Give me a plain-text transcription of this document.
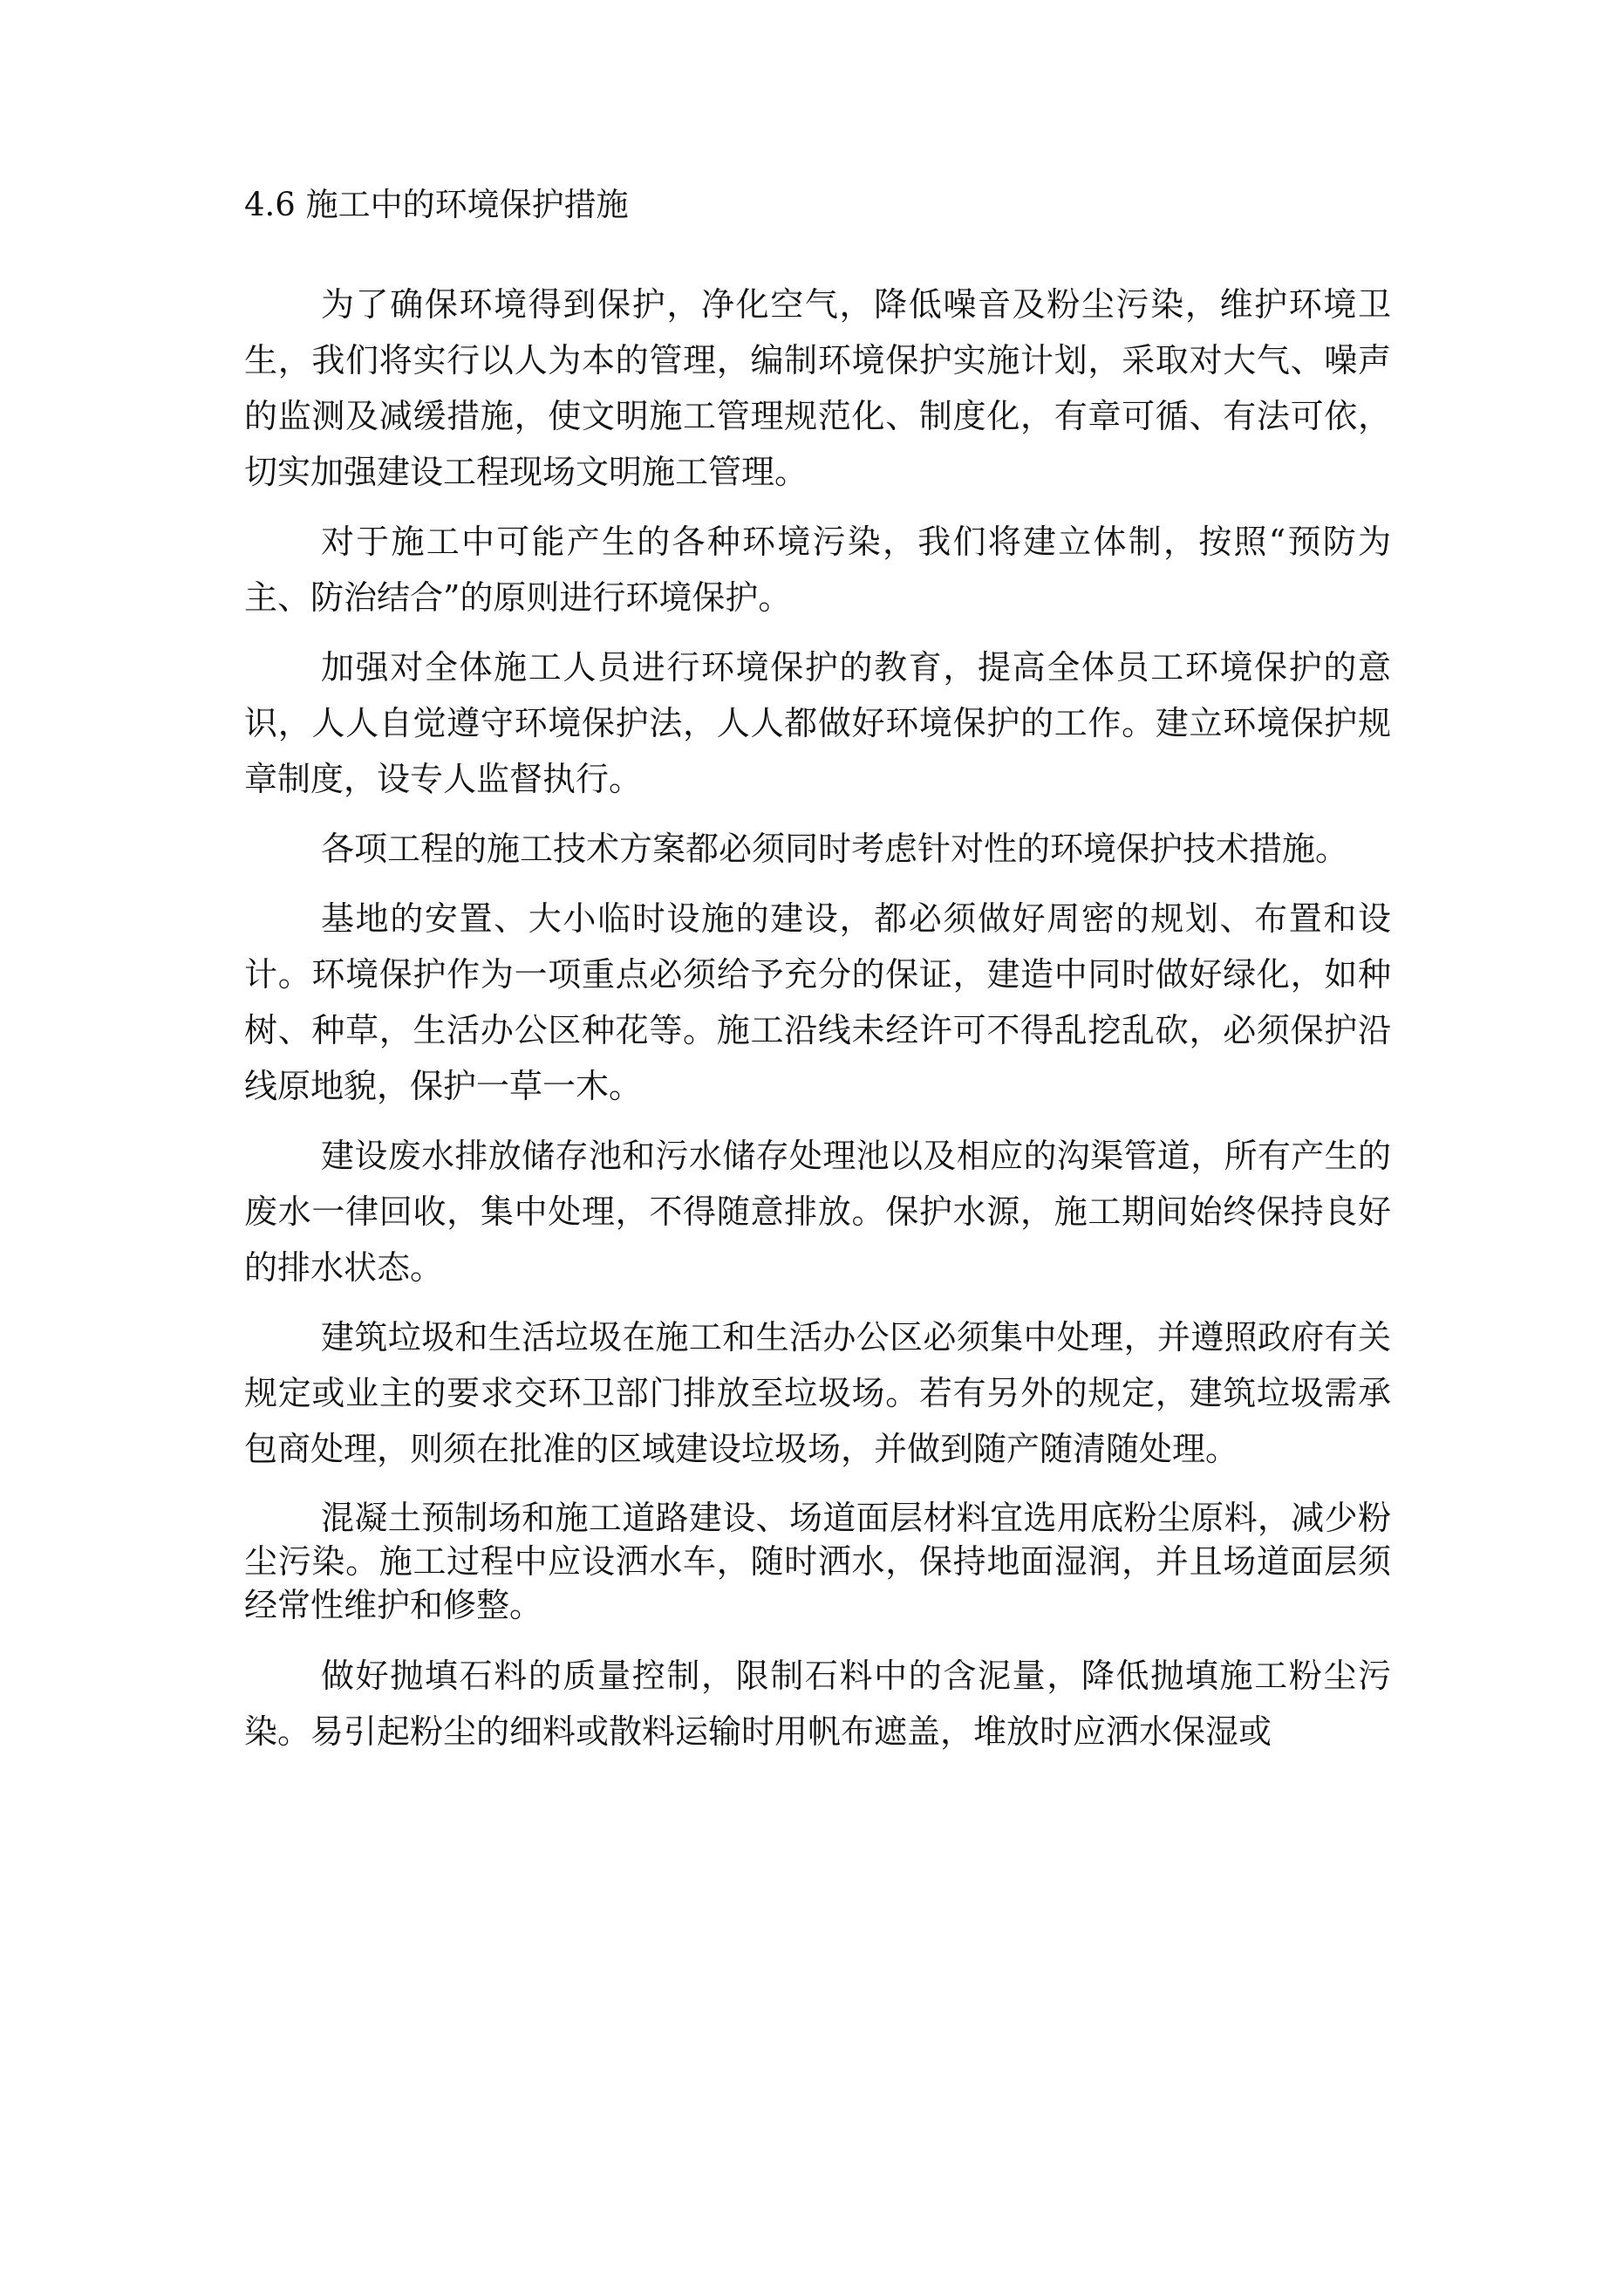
4.6 施工中的环境保护措施

为了确保环境得到保护，净化空气，降低噪音及粉尘污染，维护环境卫生，我们将实行以人为本的管理，编制环境保护实施计划，采取对大气、噪声的监测及减缓措施，使文明施工管理规范化、制度化，有章可循、有法可依，切实加强建设工程现场文明施工管理。

对于施工中可能产生的各种环境污染，我们将建立体制，按照“预防为主、防治结合”的原则进行环境保护。

加强对全体施工人员进行环境保护的教育，提高全体员工环境保护的意识，人人自觉遵守环境保护法，人人都做好环境保护的工作。建立环境保护规章制度，设专人监督执行。

各项工程的施工技术方案都必须同时考虑针对性的环境保护技术措施。

基地的安置、大小临时设施的建设，都必须做好周密的规划、布置和设计。环境保护作为一项重点必须给予充分的保证，建造中同时做好绿化，如种树、种草，生活办公区种花等。施工沿线未经许可不得乱挖乱砍，必须保护沿线原地貌，保护一草一木。

建设废水排放储存池和污水储存处理池以及相应的沟渠管道，所有产生的废水一律回收，集中处理，不得随意排放。保护水源，施工期间始终保持良好的排水状态。

建筑垃圾和生活垃圾在施工和生活办公区必须集中处理，并遵照政府有关规定或业主的要求交环卫部门排放至垃圾场。若有另外的规定，建筑垃圾需承包商处理，则须在批准的区域建设垃圾场，并做到随产随清随处理。

混凝土预制场和施工道路建设、场道面层材料宜选用底粉尘原料，减少粉尘污染。施工过程中应设洒水车，随时洒水，保持地面湿润，并且场道面层须经常性维护和修整。

做好抛填石料的质量控制，限制石料中的含泥量，降低抛填施工粉尘污染。易引起粉尘的细料或散料运输时用帆布遮盖，堆放时应洒水保湿或
